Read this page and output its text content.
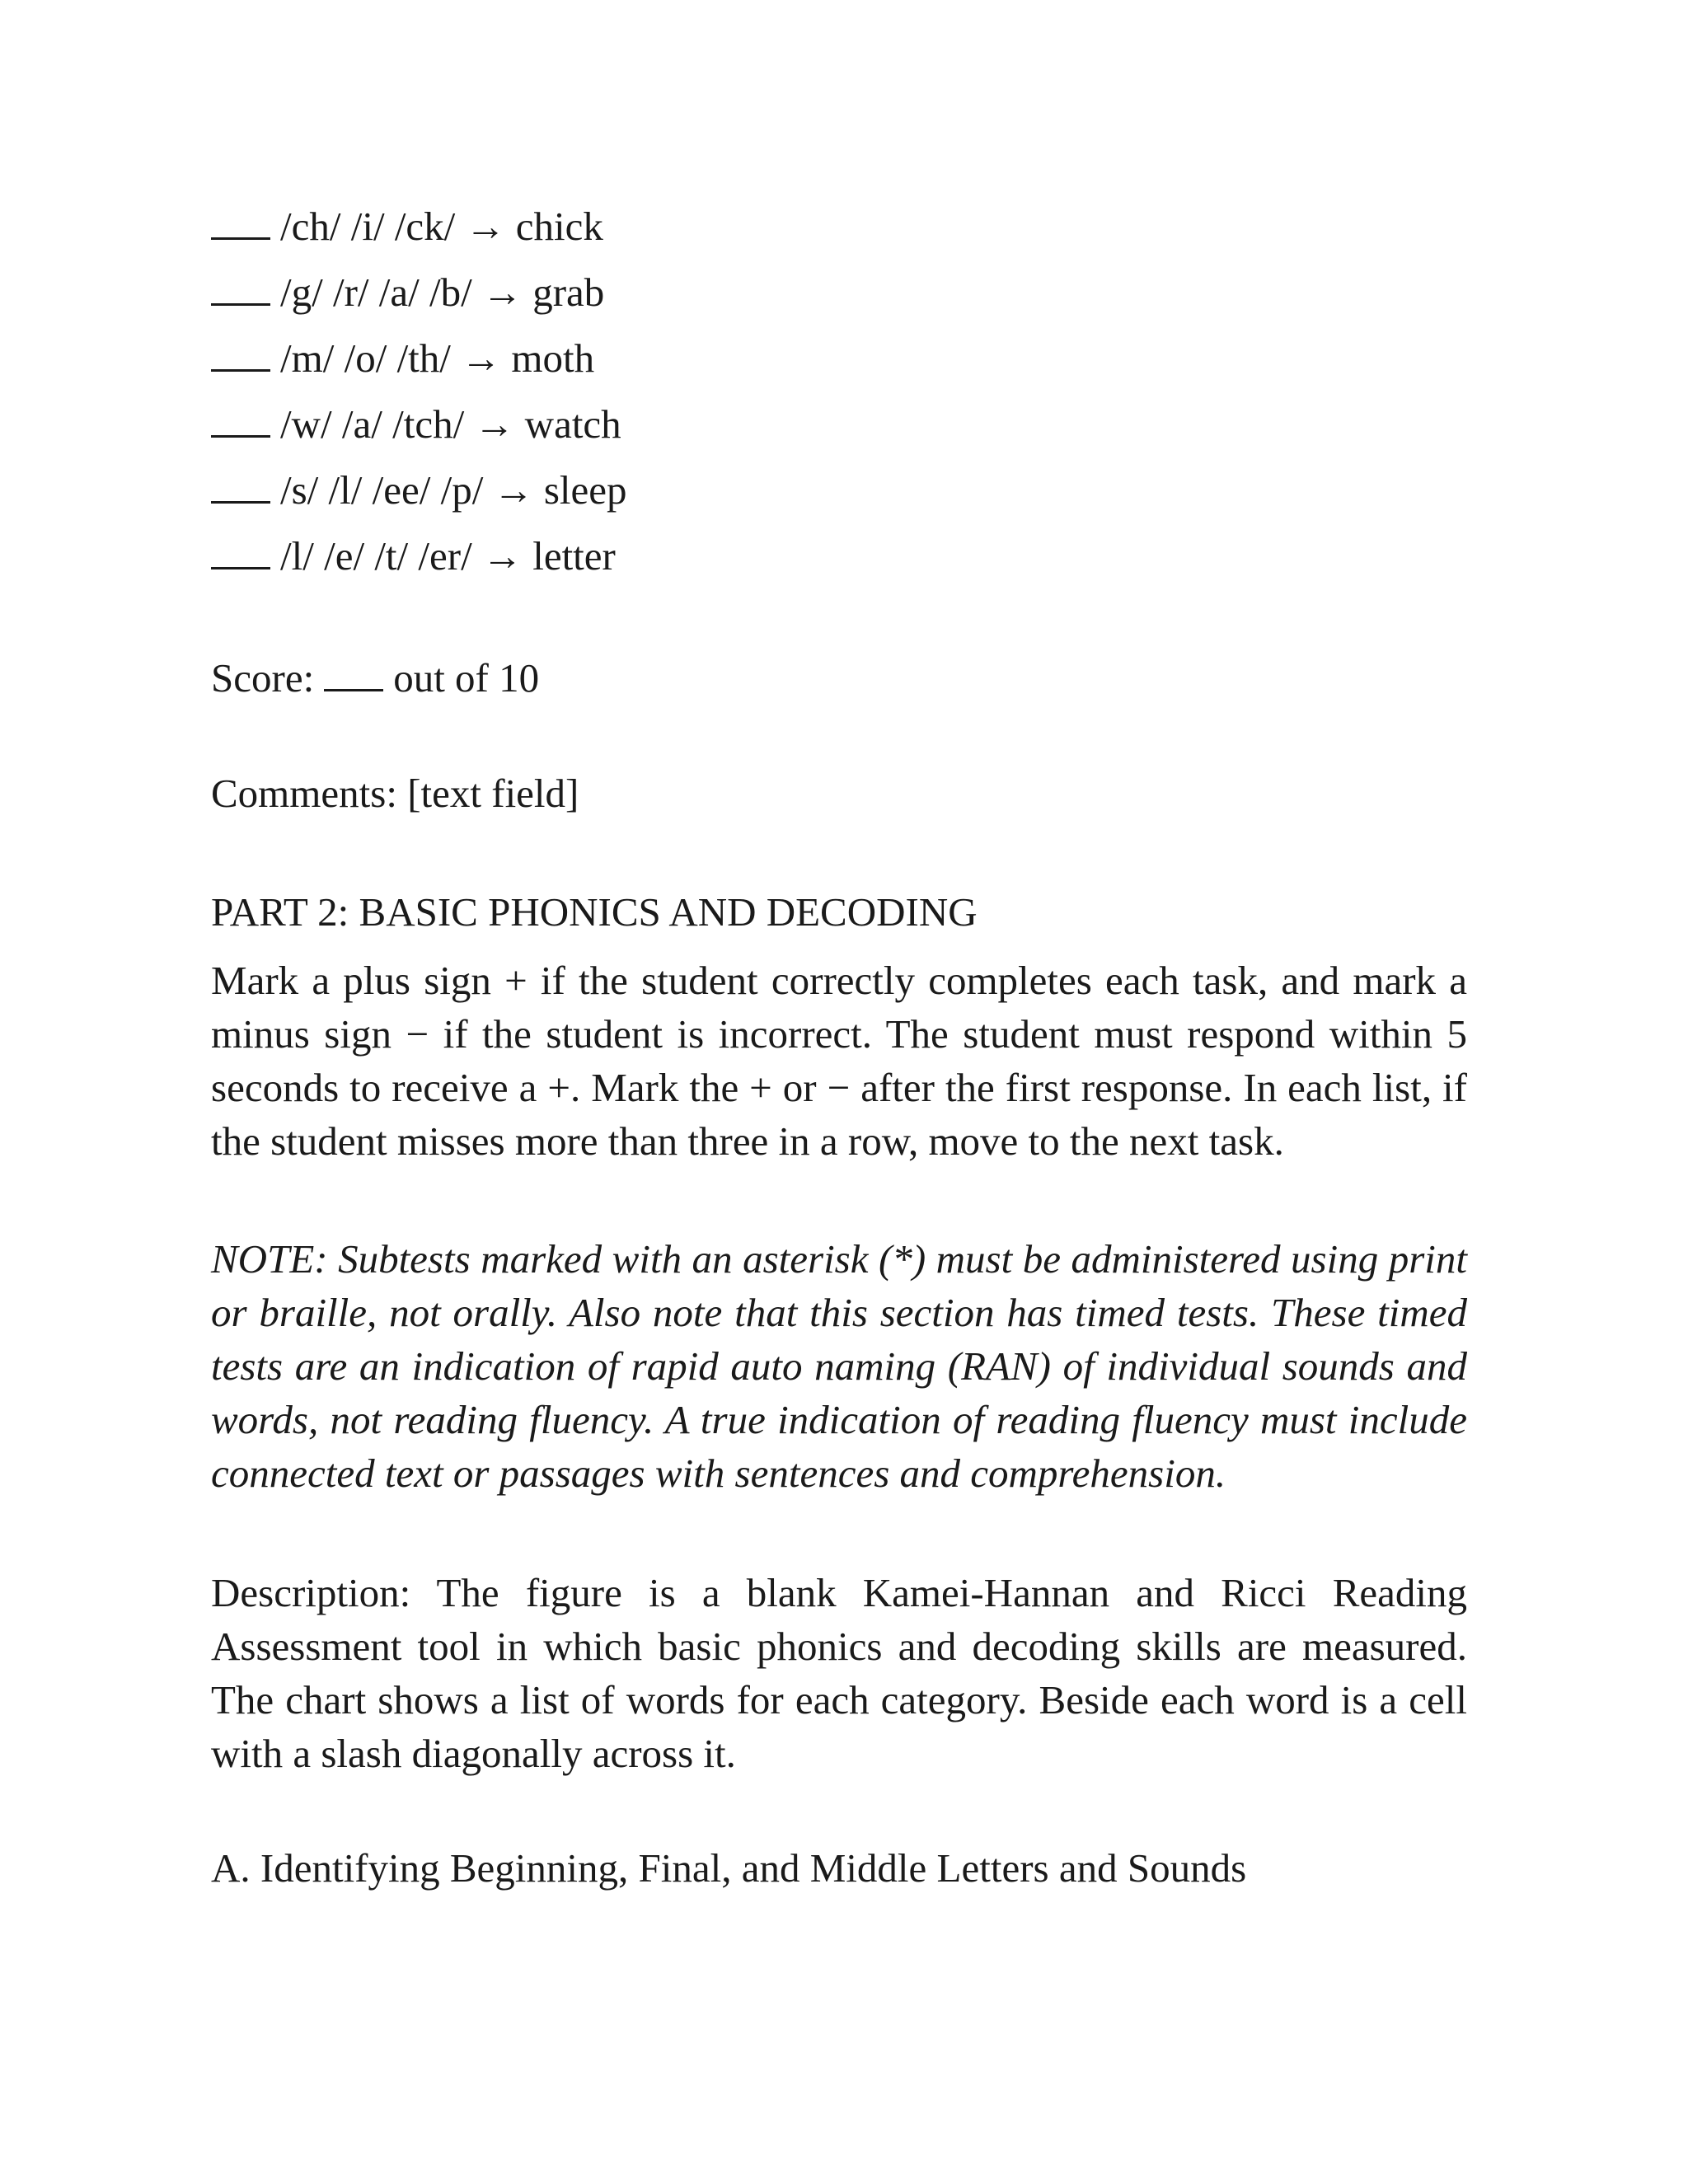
/ch/ /i/ /ck/ → chick
/g/ /r/ /a/ /b/ → grab
/m/ /o/ /th/ → moth
/w/ /a/ /tch/ → watch
/s/ /l/ /ee/ /p/ → sleep
/l/ /e/ /t/ /er/ → letter
Score: out of 10
Comments: [text field]
PART 2: BASIC PHONICS AND DECODING
Mark a plus sign + if the student correctly completes each task, and mark a minus sign − if the student is incorrect. The student must respond within 5 seconds to receive a +. Mark the + or − after the first response. In each list, if the student misses more than three in a row, move to the next task.
NOTE: Subtests marked with an asterisk (*) must be administered using print or braille, not orally. Also note that this section has timed tests. These timed tests are an indication of rapid auto naming (RAN) of individual sounds and words, not reading fluency. A true indication of reading fluency must include connected text or passages with sentences and comprehension.
Description: The figure is a blank Kamei-Hannan and Ricci Reading Assessment tool in which basic phonics and decoding skills are measured. The chart shows a list of words for each category. Beside each word is a cell with a slash diagonally across it.
A. Identifying Beginning, Final, and Middle Letters and Sounds
